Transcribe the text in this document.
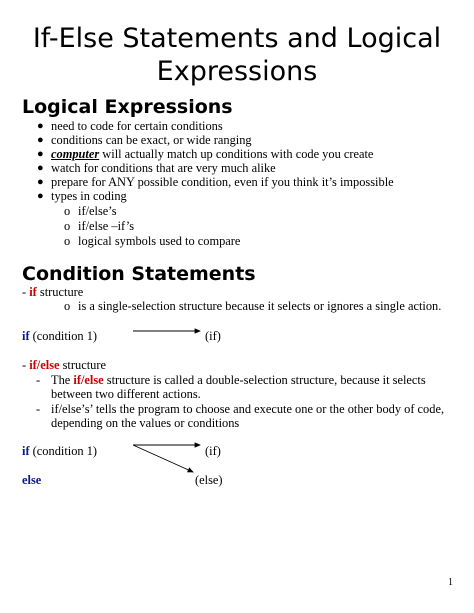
If-Else Statements and Logical
Expressions
Logical Expressions
● need to code for certain conditions
● conditions can be exact, or wide ranging
● computer will actually match up conditions with code you create
● watch for conditions that are very much alike
● prepare for ANY possible condition, even if you think it’s impossible
● types in coding
o if/else’s
o if/else –if’s
o logical symbols used to compare
Condition Statements
- if structure
o is a single-selection structure because it selects or ignores a single action.
if (condition 1)	(if)
- if/else structure
- The if/else structure is called a double-selection structure, because it selects
between two different actions.
- if/else’s’ tells the program to choose and execute one or the other body of code,
depending on the values or conditions
if (condition 1)	(if)
else	(else)
1
